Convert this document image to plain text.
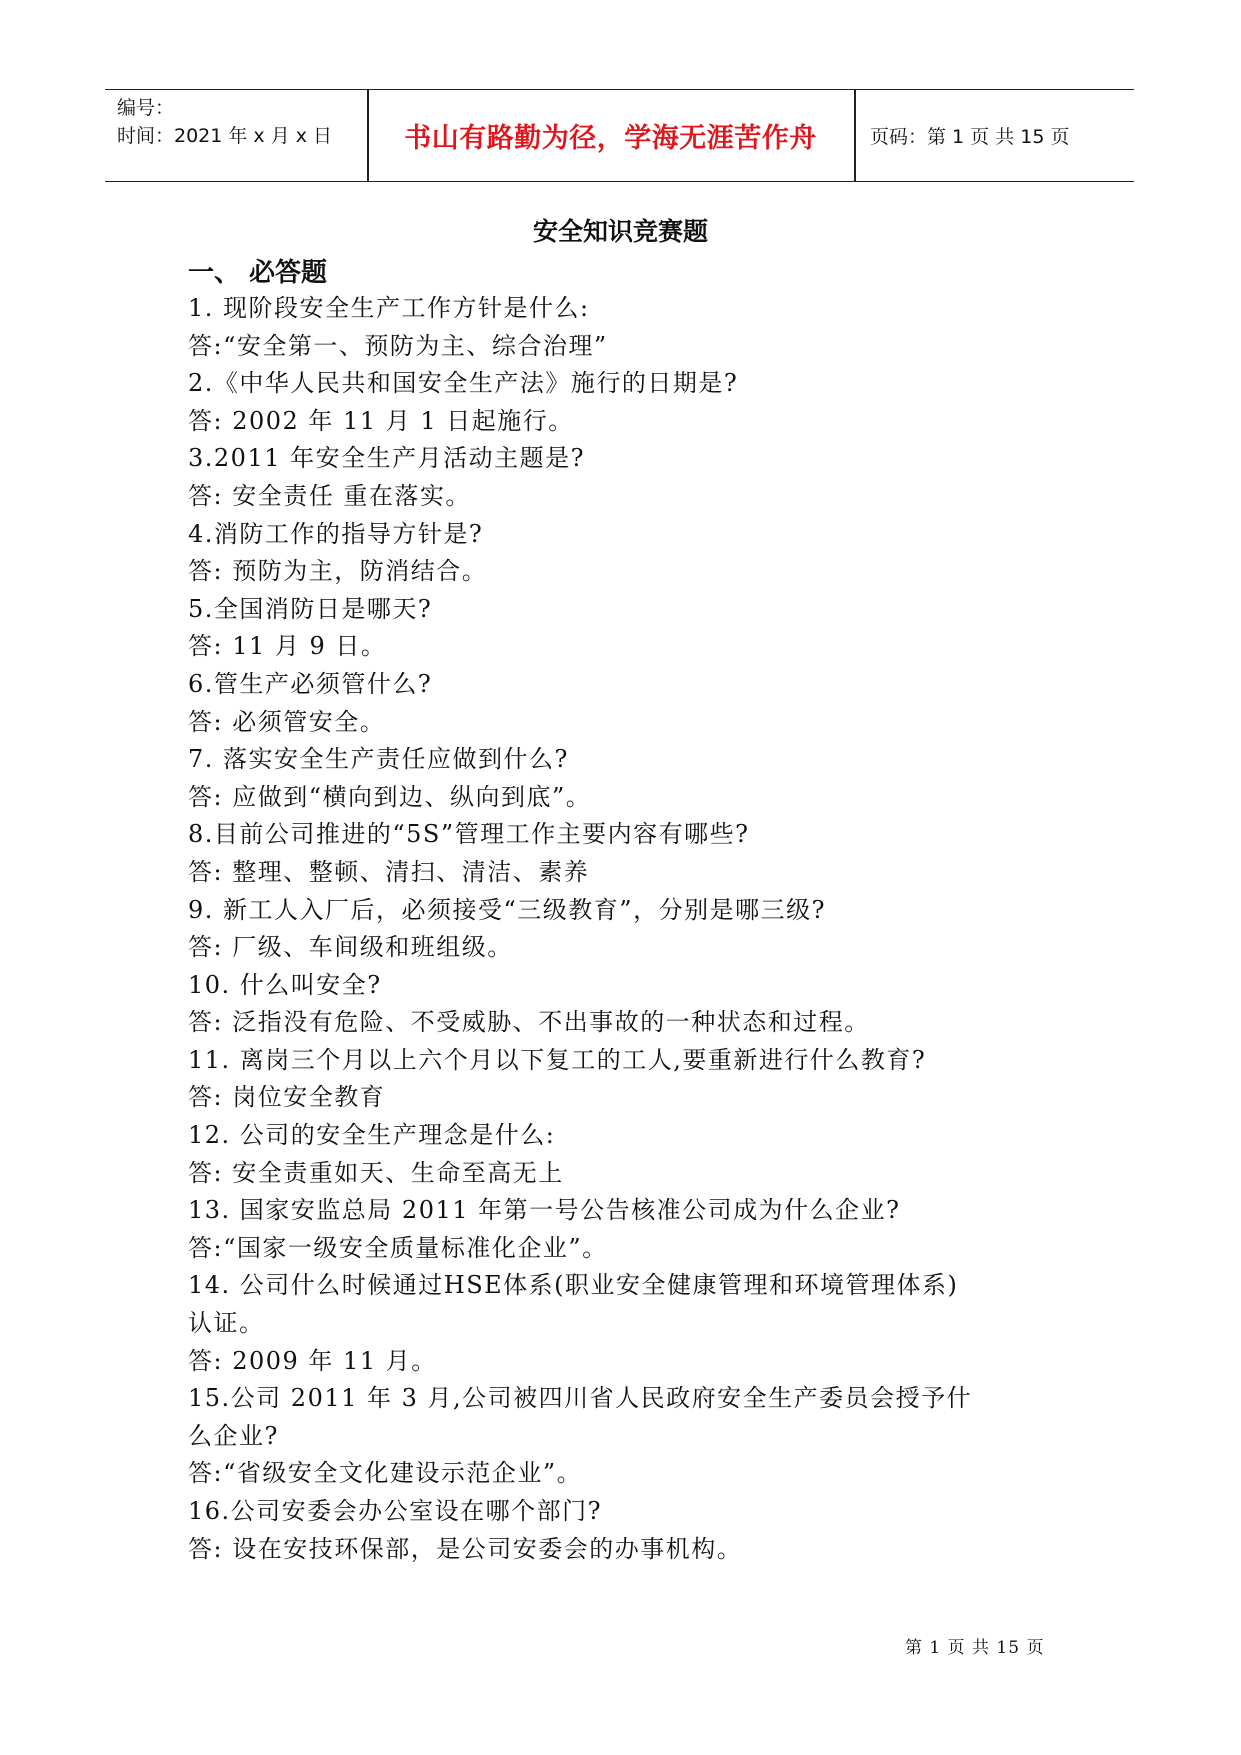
编号：
时间：2021 年 x 月 x 日	书山有路勤为径，学海无涯苦作舟	页码：第 1 页 共 15 页
安全知识竞赛题
一、 必答题
1. 现阶段安全生产工作方针是什么:
答:“安全第一、预防为主、综合治理”
2.《中华人民共和国安全生产法》施行的日期是?
答: 2002 年 11 月 1 日起施行。
3.2011 年安全生产月活动主题是?
答: 安全责任 重在落实。
4.消防工作的指导方针是?
答: 预防为主，防消结合。
5.全国消防日是哪天?
答: 11 月 9 日。
6.管生产必须管什么?
答: 必须管安全。
7. 落实安全生产责任应做到什么?
答: 应做到“横向到边、纵向到底”。
8.目前公司推进的“5S”管理工作主要内容有哪些?
答: 整理、整顿、清扫、清洁、素养
9. 新工人入厂后，必须接受“三级教育”，分别是哪三级?
答: 厂级、车间级和班组级。
10. 什么叫安全?
答: 泛指没有危险、不受威胁、不出事故的一种状态和过程。
11. 离岗三个月以上六个月以下复工的工人,要重新进行什么教育?
答: 岗位安全教育
12. 公司的安全生产理念是什么:
答: 安全责重如天、生命至高无上
13. 国家安监总局 2011 年第一号公告核准公司成为什么企业?
答:“国家一级安全质量标准化企业”。
14. 公司什么时候通过HSE体系(职业安全健康管理和环境管理体系)
认证。
答: 2009 年 11 月。
15.公司 2011 年 3 月,公司被四川省人民政府安全生产委员会授予什
么企业?
答:“省级安全文化建设示范企业”。
16.公司安委会办公室设在哪个部门?
答: 设在安技环保部，是公司安委会的办事机构。
第 1 页 共 15 页
